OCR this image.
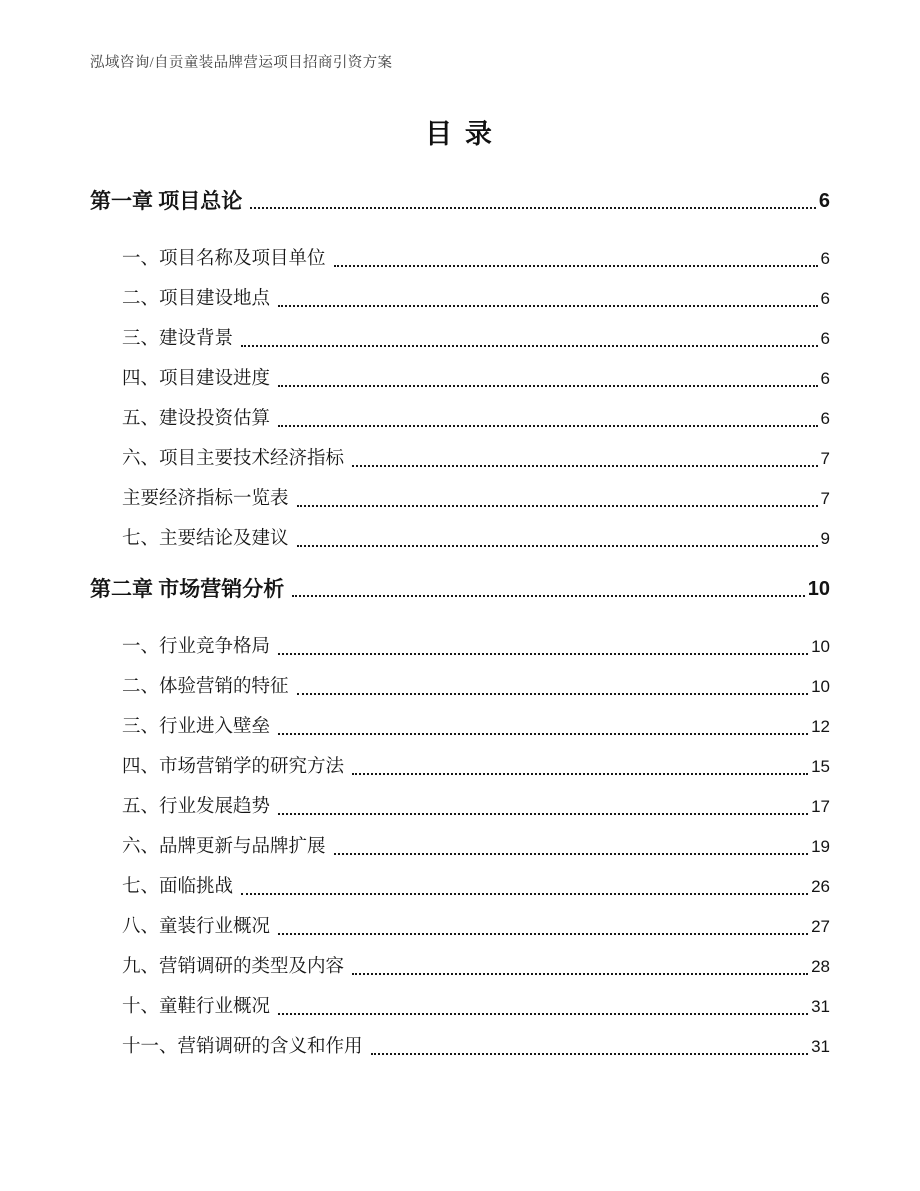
泓域咨询/自贡童装品牌营运项目招商引资方案
目 录
第一章 项目总论	6
一、项目名称及项目单位	6
二、项目建设地点	6
三、建设背景	6
四、项目建设进度	6
五、建设投资估算	6
六、项目主要技术经济指标	7
主要经济指标一览表	7
七、主要结论及建议	9
第二章 市场营销分析	10
一、行业竞争格局	10
二、体验营销的特征	10
三、行业进入壁垒	12
四、市场营销学的研究方法	15
五、行业发展趋势	17
六、品牌更新与品牌扩展	19
七、面临挑战	26
八、童装行业概况	27
九、营销调研的类型及内容	28
十、童鞋行业概况	31
十一、营销调研的含义和作用	31
